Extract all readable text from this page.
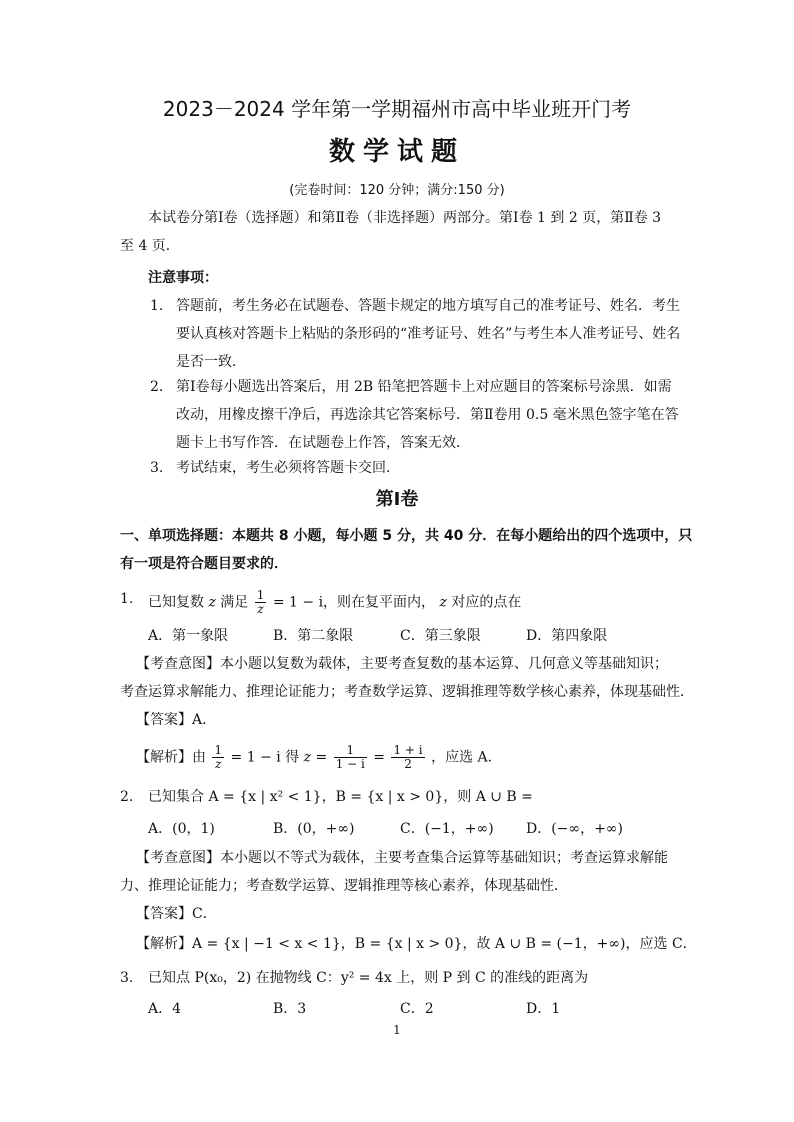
2023－2024 学年第一学期福州市高中毕业班开门考
数学试题
(完卷时间：120 分钟；满分:150 分)
本试卷分第Ⅰ卷（选择题）和第Ⅱ卷（非选择题）两部分。第Ⅰ卷 1 到 2 页，第Ⅱ卷 3
至 4 页．
注意事项：
1. 答题前，考生务必在试题卷、答题卡规定的地方填写自己的准考证号、姓名．考生要认真核对答题卡上粘贴的条形码的“准考证号、姓名”与考生本人准考证号、姓名是否一致．
2. 第Ⅰ卷每小题选出答案后，用 2B 铅笔把答题卡上对应题目的答案标号涂黑．如需改动，用橡皮擦干净后，再选涂其它答案标号．第Ⅱ卷用 0.5 毫米黑色签字笔在答题卡上书写作答．在试题卷上作答，答案无效．
3. 考试结束，考生必须将答题卡交回．
第Ⅰ卷
一、单项选择题：本题共 8 小题，每小题 5 分，共 40 分．在每小题给出的四个选项中，只
有一项是符合题目要求的．
1. 已知复数 z 满足 $\frac{1}{z} = 1 - i$，则在复平面内， z 对应的点在
A．第一象限	B．第二象限	C．第三象限	D．第四象限
【考查意图】本小题以复数为载体，主要考查复数的基本运算、几何意义等基础知识；
考查运算求解能力、推理论证能力；考查数学运算、逻辑推理等数学核心素养，体现基础性．
【答案】A．
【解析】由 $\frac{1}{z} = 1 - i$ 得 $z = \frac{1}{1 - i} = \frac{1 + i}{2}$ ，应选 A．
2. 已知集合 A = {x | x² < 1}，B = {x | x > 0}，则 A ∪ B =
A．(0，1)	B．(0，+∞)	C．(−1，+∞) D．(−∞，+∞)
【考查意图】本小题以不等式为载体，主要考查集合运算等基础知识；考查运算求解能
力、推理论证能力；考查数学运算、逻辑推理等核心素养，体现基础性．
【答案】C．
【解析】A = {x | −1 < x < 1}，B = {x | x > 0}，故 A ∪ B = (−1，+∞)，应选 C．
3. 已知点 P(x₀，2) 在抛物线 C：y² = 4x 上，则 P 到 C 的准线的距离为
A．4	B．3	C．2	D．1
1
